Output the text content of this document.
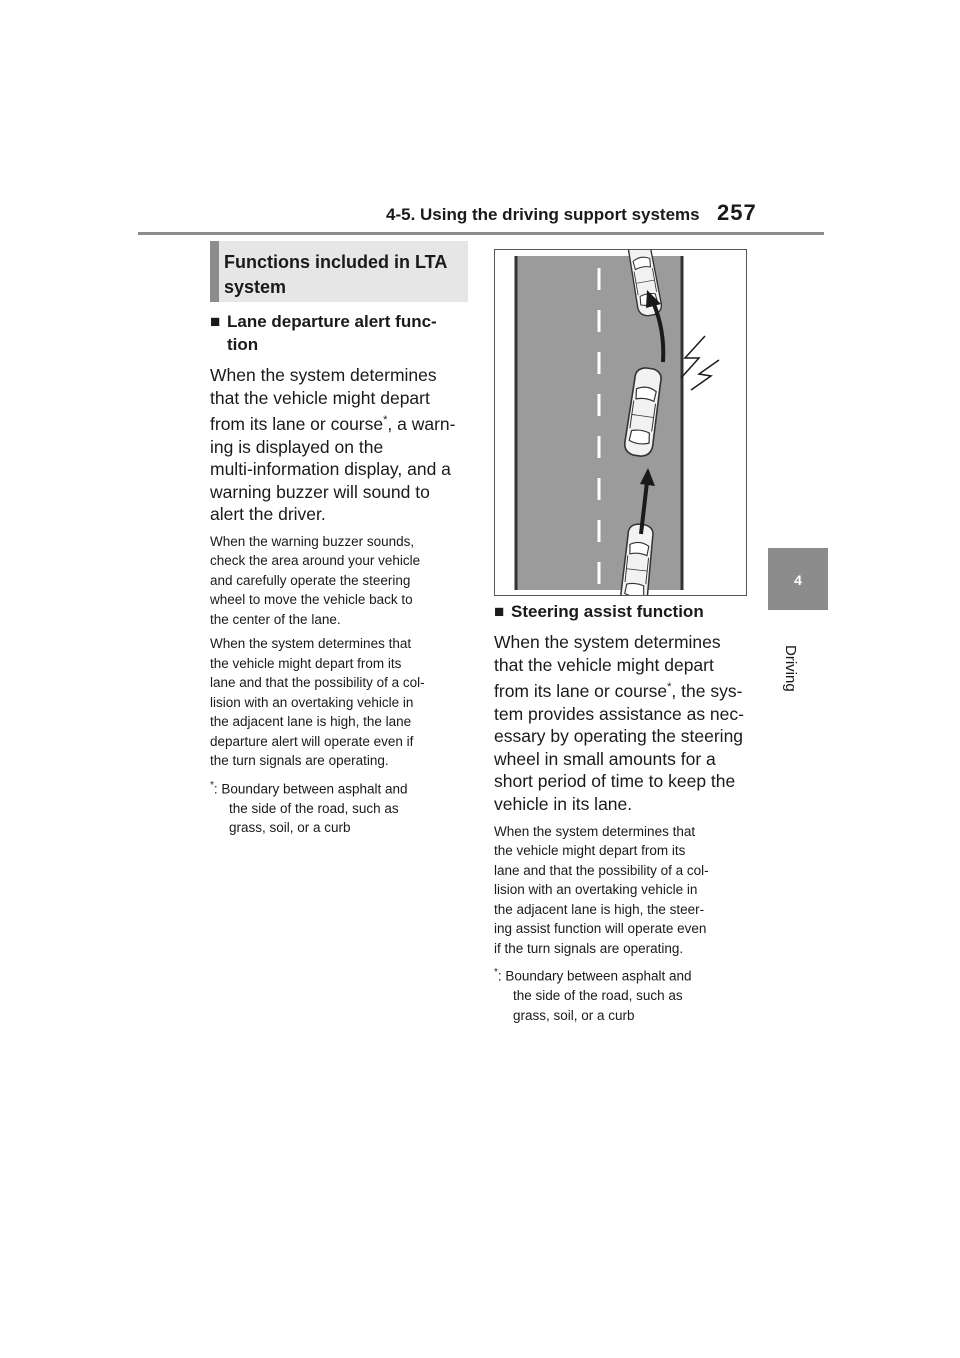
4-5. Using the driving support systems 257
4
Driving
Functions included in LTA
system
■ Lane departure alert func-
tion
When the system determines
that the vehicle might depart
from its lane or course*, a warn-
ing is displayed on the
multi-information display, and a
warning buzzer will sound to
alert the driver.
When the warning buzzer sounds,
check the area around your vehicle
and carefully operate the steering
wheel to move the vehicle back to
the center of the lane.
When the system determines that
the vehicle might depart from its
lane and that the possibility of a col-
lision with an overtaking vehicle in
the adjacent lane is high, the lane
departure alert will operate even if
the turn signals are operating.
*: Boundary between asphalt and

the side of the road, such as
grass, soil, or a curb
■ Steering assist function
When the system determines
that the vehicle might depart
from its lane or course*, the sys-
tem provides assistance as nec-
essary by operating the steering
wheel in small amounts for a
short period of time to keep the
vehicle in its lane.
When the system determines that
the vehicle might depart from its
lane and that the possibility of a col-
lision with an overtaking vehicle in
the adjacent lane is high, the steer-
ing assist function will operate even
if the turn signals are operating.
*: Boundary between asphalt and

the side of the road, such as
grass, soil, or a curb
